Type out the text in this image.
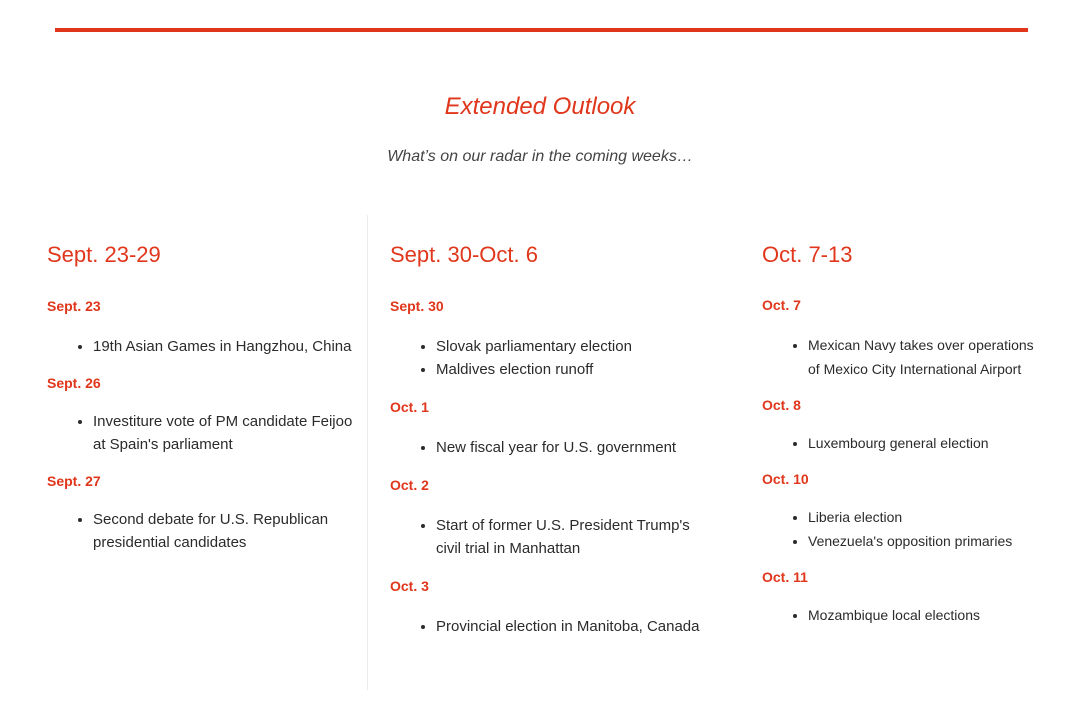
Extended Outlook

What’s on our radar in the coming weeks…

Sept. 23-29
Sept. 23
• 19th Asian Games in Hangzhou, China
Sept. 26
• Investiture vote of PM candidate Feijoo at Spain's parliament
Sept. 27
• Second debate for U.S. Republican presidential candidates
Sept. 30-Oct. 6
Sept. 30
• Slovak parliamentary election
• Maldives election runoff
Oct. 1
• New fiscal year for U.S. government
Oct. 2
• Start of former U.S. President Trump's civil trial in Manhattan
Oct. 3
• Provincial election in Manitoba, Canada
Oct. 7-13
Oct. 7
• Mexican Navy takes over operations of Mexico City International Airport
Oct. 8
• Luxembourg general election
Oct. 10
• Liberia election
• Venezuela's opposition primaries
Oct. 11
• Mozambique local elections
